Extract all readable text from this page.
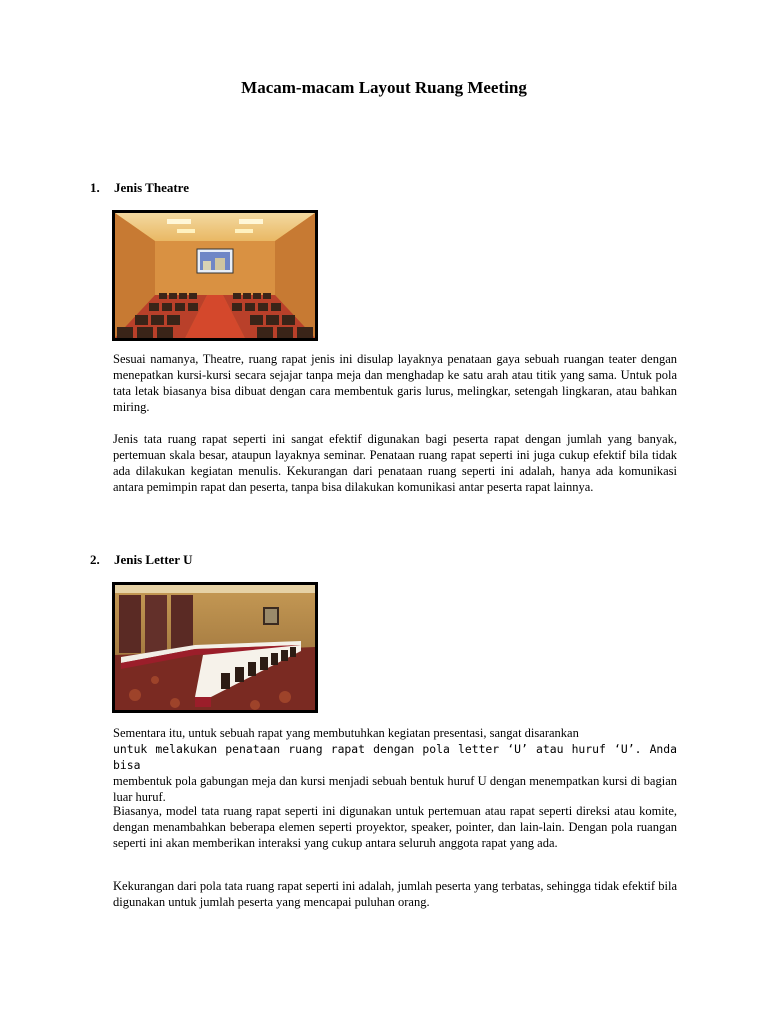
Macam-macam Layout Ruang Meeting
1. Jenis Theatre

Sesuai namanya, Theatre, ruang rapat jenis ini disulap layaknya penataan gaya sebuah ruangan teater dengan menepatkan kursi-kursi secara sejajar tanpa meja dan menghadap ke satu arah atau titik yang sama. Untuk pola tata letak biasanya bisa dibuat dengan cara membentuk garis lurus, melingkar, setengah lingkaran, atau bahkan miring.

Jenis tata ruang rapat seperti ini sangat efektif digunakan bagi peserta rapat dengan jumlah yang banyak, pertemuan skala besar, ataupun layaknya seminar. Penataan ruang rapat seperti ini juga cukup efektif bila tidak ada dilakukan kegiatan menulis. Kekurangan dari penataan ruang seperti ini adalah, hanya ada komunikasi antara pemimpin rapat dan peserta, tanpa bisa dilakukan komunikasi antar peserta rapat lainnya.

2. Jenis Letter U

Sementara itu, untuk sebuah rapat yang membutuhkan kegiatan presentasi, sangat disarankan
untuk melakukan penataan ruang rapat dengan pola letter ‘U’ atau huruf ‘U’. Anda bisa
membentuk pola gabungan meja dan kursi menjadi sebuah bentuk huruf U dengan menempatkan kursi di bagian luar huruf.

Biasanya, model tata ruang rapat seperti ini digunakan untuk pertemuan atau rapat seperti direksi atau komite, dengan menambahkan beberapa elemen seperti proyektor, speaker, pointer, dan lain-lain. Dengan pola ruangan seperti ini akan memberikan interaksi yang cukup antara seluruh anggota rapat yang ada.

Kekurangan dari pola tata ruang rapat seperti ini adalah, jumlah peserta yang terbatas, sehingga tidak efektif bila digunakan untuk jumlah peserta yang mencapai puluhan orang.
